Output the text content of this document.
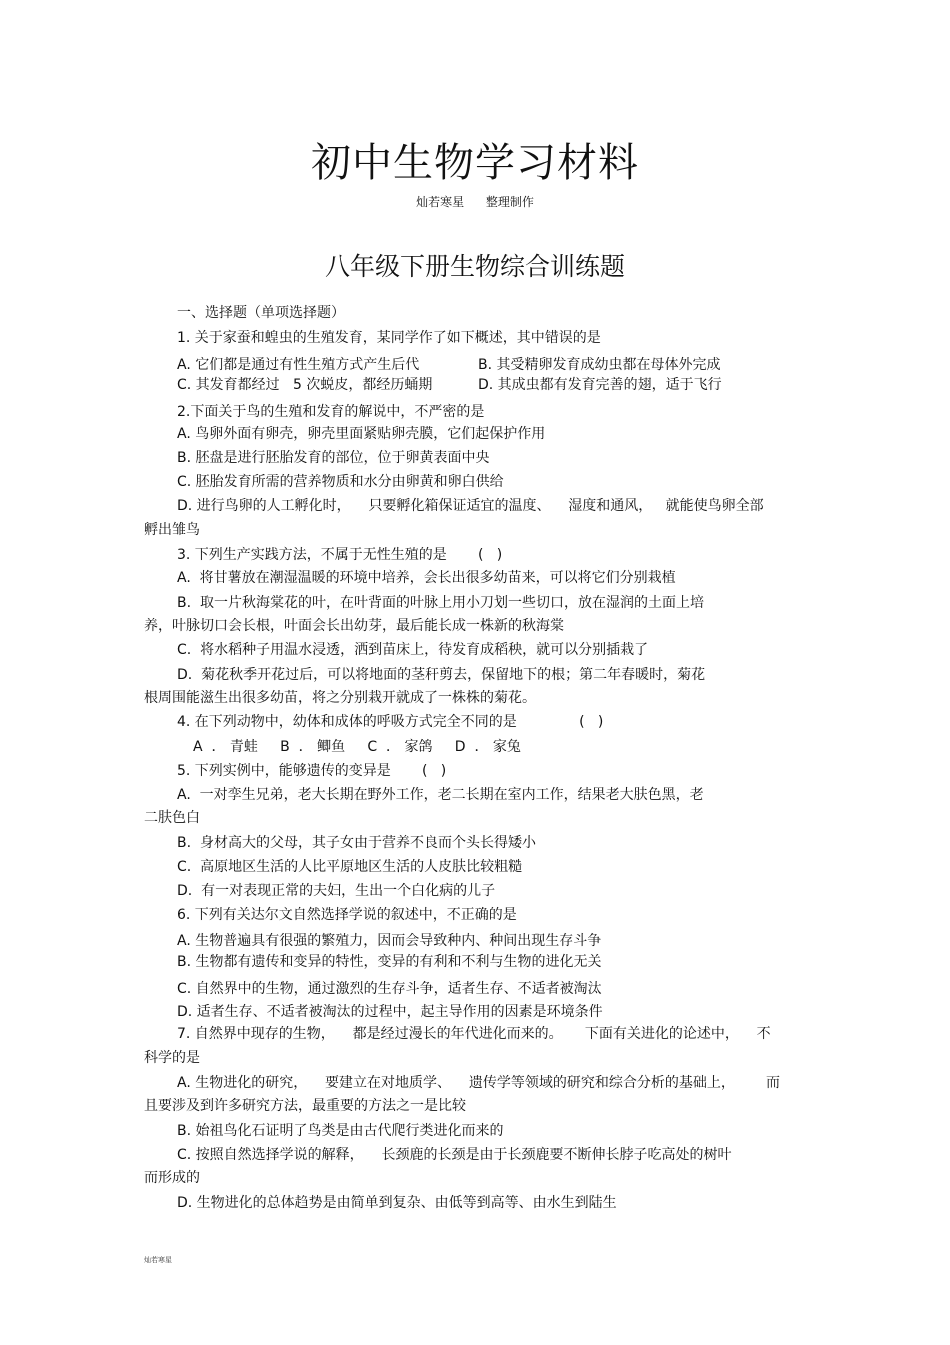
初中生物学习材料
灿若寒星 整理制作
八年级下册生物综合训练题
一、选择题（单项选择题）
1. 关于家蚕和蝗虫的生殖发育，某同学作了如下概述，其中错误的是
A. 它们都是通过有性生殖方式产生后代	B. 其受精卵发育成幼虫都在母体外完成
C. 其发育都经过   5 次蜕皮，都经历蛹期	D. 其成虫都有发育完善的翅，适于飞行
2.下面关于鸟的生殖和发育的解说中，不严密的是
A. 鸟卵外面有卵壳，卵壳里面紧贴卵壳膜，它们起保护作用
B. 胚盘是进行胚胎发育的部位，位于卵黄表面中央
C. 胚胎发育所需的营养物质和水分由卵黄和卵白供给
D. 进行鸟卵的人工孵化时，    只要孵化箱保证适宜的温度、    湿度和通风，   就能使鸟卵全部
孵出雏鸟
3. 下列生产实践方法，不属于无性生殖的是       (   )
A.  将甘薯放在潮湿温暖的环境中培养，会长出很多幼苗来，可以将它们分别栽植
B.  取一片秋海棠花的叶，在叶背面的叶脉上用小刀划一些切口，放在湿润的土面上培
养，叶脉切口会长根，叶面会长出幼芽，最后能长成一株新的秋海棠
C.  将水稻种子用温水浸透，洒到苗床上，待发育成稻秧，就可以分别插栽了
D.  菊花秋季开花过后，可以将地面的茎秆剪去，保留地下的根；第二年春暖时，菊花
根周围能滋生出很多幼苗，将之分别栽开就成了一株株的菊花。
4. 在下列动物中，幼体和成体的呼吸方式完全不同的是              (   )
A  ． 青蛙     B  ． 鲫鱼     C  ． 家鸽     D  ． 家兔
5. 下列实例中，能够遗传的变异是       (   )
A.  一对孪生兄弟，老大长期在野外工作，老二长期在室内工作，结果老大肤色黑，老
二肤色白
B.  身材高大的父母，其子女由于营养不良而个头长得矮小
C.  高原地区生活的人比平原地区生活的人皮肤比较粗糙
D.  有一对表现正常的夫妇，生出一个白化病的儿子
6. 下列有关达尔文自然选择学说的叙述中，不正确的是
A. 生物普遍具有很强的繁殖力，因而会导致种内、种间出现生存斗争
B. 生物都有遗传和变异的特性，变异的有利和不利与生物的进化无关
C. 自然界中的生物，通过激烈的生存斗争，适者生存、不适者被淘汰
D. 适者生存、不适者被淘汰的过程中，起主导作用的因素是环境条件
7. 自然界中现存的生物，    都是经过漫长的年代进化而来的。     下面有关进化的论述中，    不
科学的是
A. 生物进化的研究，    要建立在对地质学、    遗传学等领域的研究和综合分析的基础上，       而
且要涉及到许多研究方法，最重要的方法之一是比较
B. 始祖鸟化石证明了鸟类是由古代爬行类进化而来的
C. 按照自然选择学说的解释，    长颈鹿的长颈是由于长颈鹿要不断伸长脖子吃高处的树叶
而形成的
D. 生物进化的总体趋势是由简单到复杂、由低等到高等、由水生到陆生
灿若寒星
